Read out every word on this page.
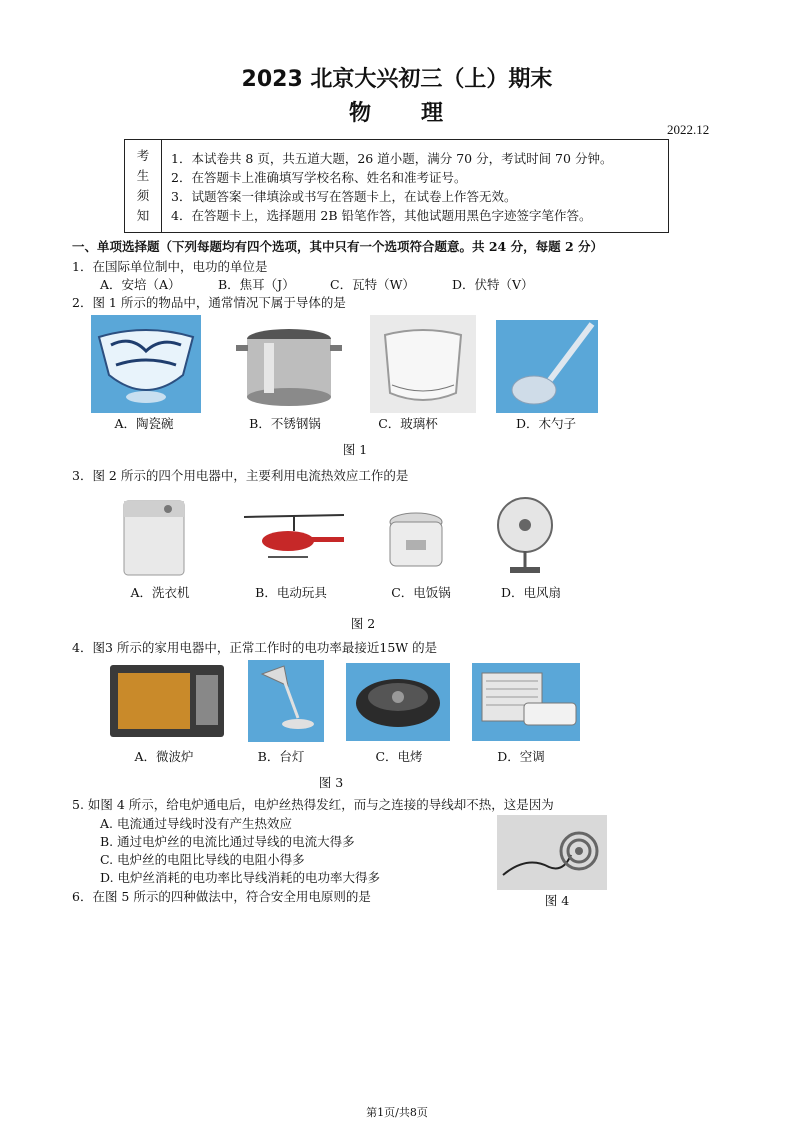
2023 北京大兴初三（上）期末
物 理
2022.12
考
生
须
知
1．本试卷共 8 页，共五道大题，26 道小题，满分 70 分，考试时间 70 分钟。
2．在答题卡上准确填写学校名称、姓名和准考证号。
3．试题答案一律填涂或书写在答题卡上，在试卷上作答无效。
4．在答题卡上，选择题用 2B 铅笔作答，其他试题用黑色字迹签字笔作答。
一、单项选择题（下列每题均有四个选项，其中只有一个选项符合题意。共 24 分，每题 2 分）
1．在国际单位制中，电功的单位是
A．安培（A）	B．焦耳（J）	C．瓦特（W）	D．伏特（V）
2．图 1 所示的物品中，通常情况下属于导体的是
A．陶瓷碗	B．不锈钢锅	C．玻璃杯	D．木勺子
图 1
3．图 2 所示的四个用电器中，主要利用电流热效应工作的是
A．洗衣机	B．电动玩具	C．电饭锅	D．电风扇
图 2
4．图3 所示的家用电器中，正常工作时的电功率最接近15W 的是
A．微波炉	B．台灯	C．电烤	D．空调
图 3
5. 如图 4 所示，给电炉通电后，电炉丝热得发红，而与之连接的导线却不热，这是因为
A. 电流通过导线时没有产生热效应
B. 通过电炉丝的电流比通过导线的电流大得多
C. 电炉丝的电阻比导线的电阻小得多
D. 电炉丝消耗的电功率比导线消耗的电功率大得多
图 4
6．在图 5 所示的四种做法中，符合安全用电原则的是
第1页/共8页
